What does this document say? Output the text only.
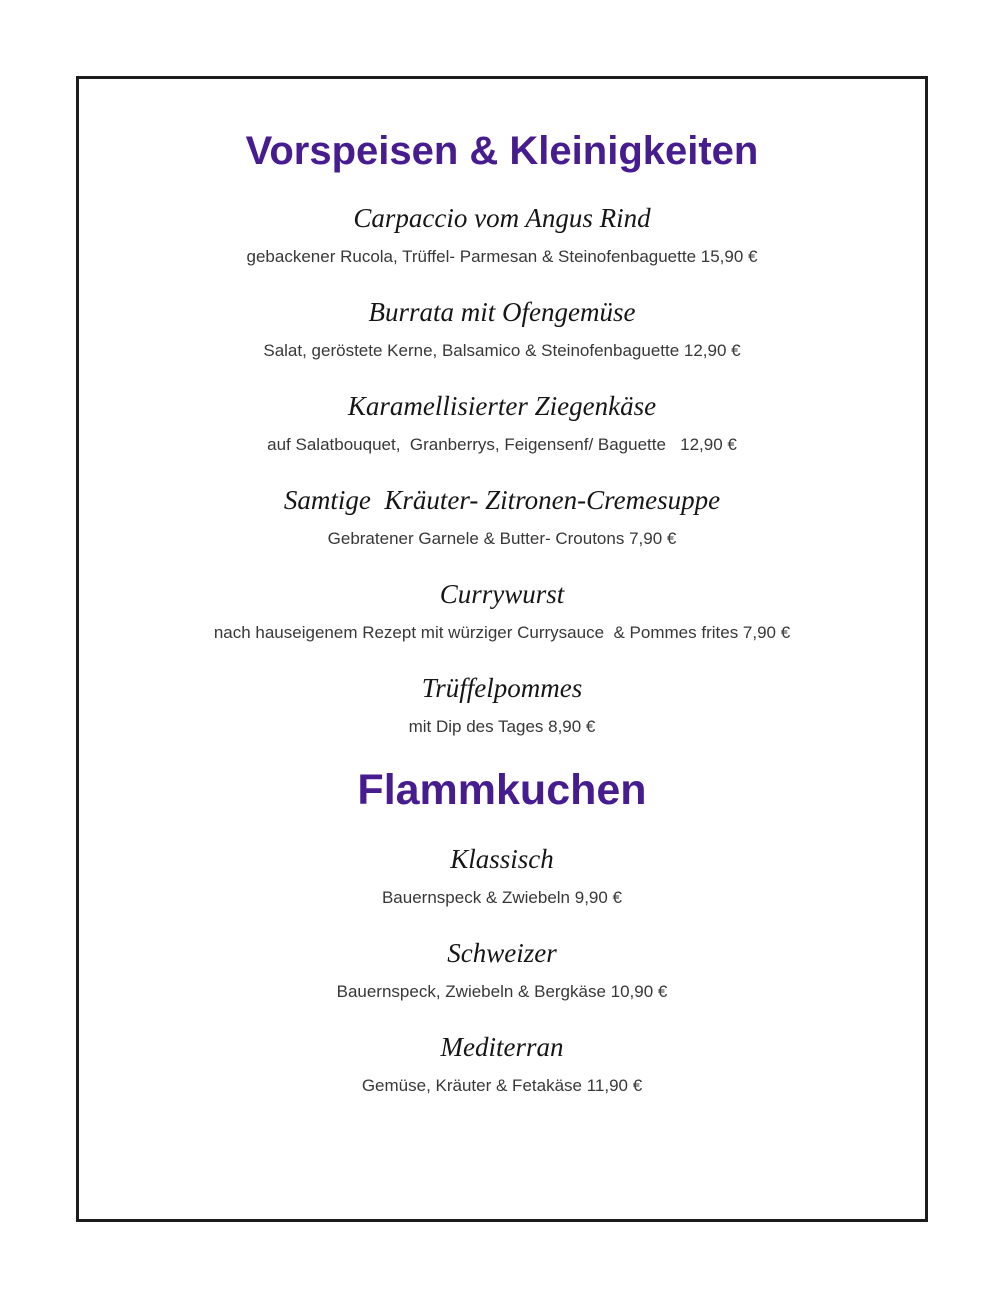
Vorspeisen & Kleinigkeiten
Carpaccio vom Angus Rind
gebackener Rucola, Trüffel- Parmesan & Steinofenbaguette 15,90 €
Burrata mit Ofengemüse
Salat, geröstete Kerne, Balsamico & Steinofenbaguette 12,90 €
Karamellisierter Ziegenkäse
auf Salatbouquet,  Granberrys, Feigensenf/ Baguette   12,90 €
Samtige  Kräuter- Zitronen-Cremesuppe
Gebratener Garnele & Butter- Croutons 7,90 €
Currywurst
nach hauseigenem Rezept mit würziger Currysauce  & Pommes frites 7,90 €
Trüffelpommes
mit Dip des Tages 8,90 €
Flammkuchen
Klassisch
Bauernspeck & Zwiebeln 9,90 €
Schweizer
Bauernspeck, Zwiebeln & Bergkäse 10,90 €
Mediterran
Gemüse, Kräuter & Fetakäse 11,90 €
